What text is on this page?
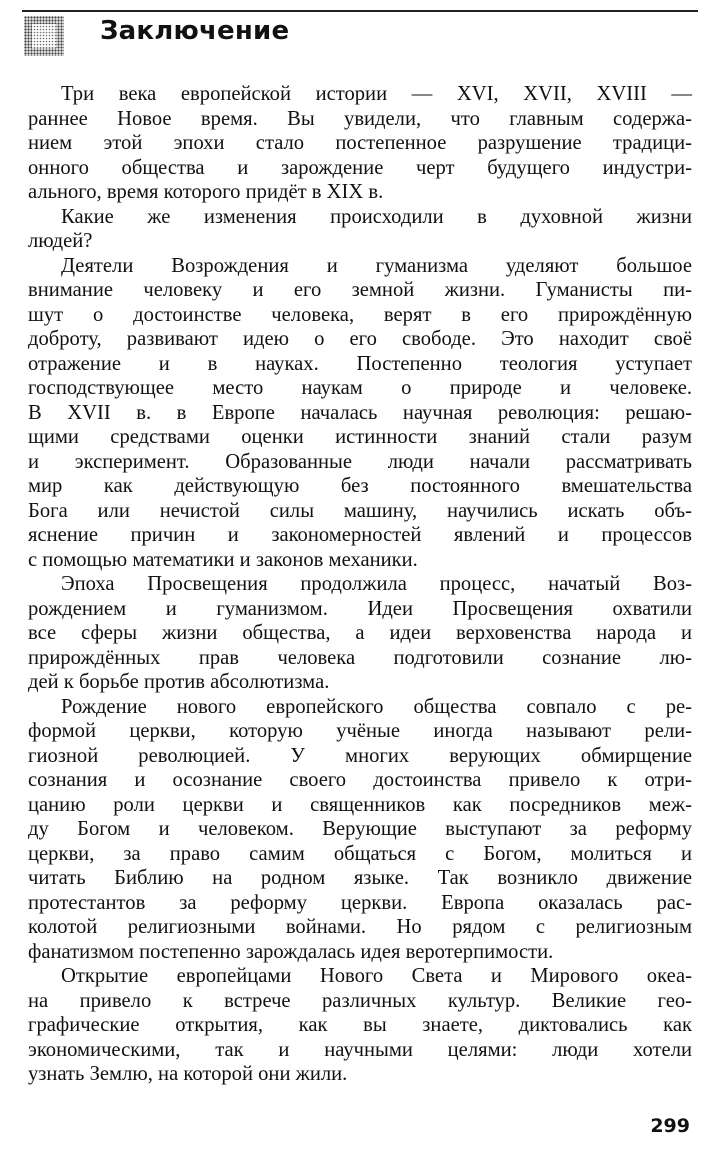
Заключение
Три века европейской истории — XVI, XVII, XVIII —
раннее Новое время. Вы увидели, что главным содержа-
нием этой эпохи стало постепенное разрушение традици-
онного общества и зарождение черт будущего индустри-
ального, время которого придёт в XIX в.
Какие же изменения происходили в духовной жизни
людей?
Деятели Возрождения и гуманизма уделяют большое
внимание человеку и его земной жизни. Гуманисты пи-
шут о достоинстве человека, верят в его прирождённую
доброту, развивают идею о его свободе. Это находит своё
отражение и в науках. Постепенно теология уступает
господствующее место наукам о природе и человеке.
В XVII в. в Европе началась научная революция: решаю-
щими средствами оценки истинности знаний стали разум
и эксперимент. Образованные люди начали рассматривать
мир как действующую без постоянного вмешательства
Бога или нечистой силы машину, научились искать объ-
яснение причин и закономерностей явлений и процессов
с помощью математики и законов механики.
Эпоха Просвещения продолжила процесс, начатый Воз-
рождением и гуманизмом. Идеи Просвещения охватили
все сферы жизни общества, а идеи верховенства народа и
прирождённых прав человека подготовили сознание лю-
дей к борьбе против абсолютизма.
Рождение нового европейского общества совпало с ре-
формой церкви, которую учёные иногда называют рели-
гиозной революцией. У многих верующих обмирщение
сознания и осознание своего достоинства привело к отри-
цанию роли церкви и священников как посредников меж-
ду Богом и человеком. Верующие выступают за реформу
церкви, за право самим общаться с Богом, молиться и
читать Библию на родном языке. Так возникло движение
протестантов за реформу церкви. Европа оказалась рас-
колотой религиозными войнами. Но рядом с религиозным
фанатизмом постепенно зарождалась идея веротерпимости.
Открытие европейцами Нового Света и Мирового океа-
на привело к встрече различных культур. Великие гео-
графические открытия, как вы знаете, диктовались как
экономическими, так и научными целями: люди хотели
узнать Землю, на которой они жили.
299
